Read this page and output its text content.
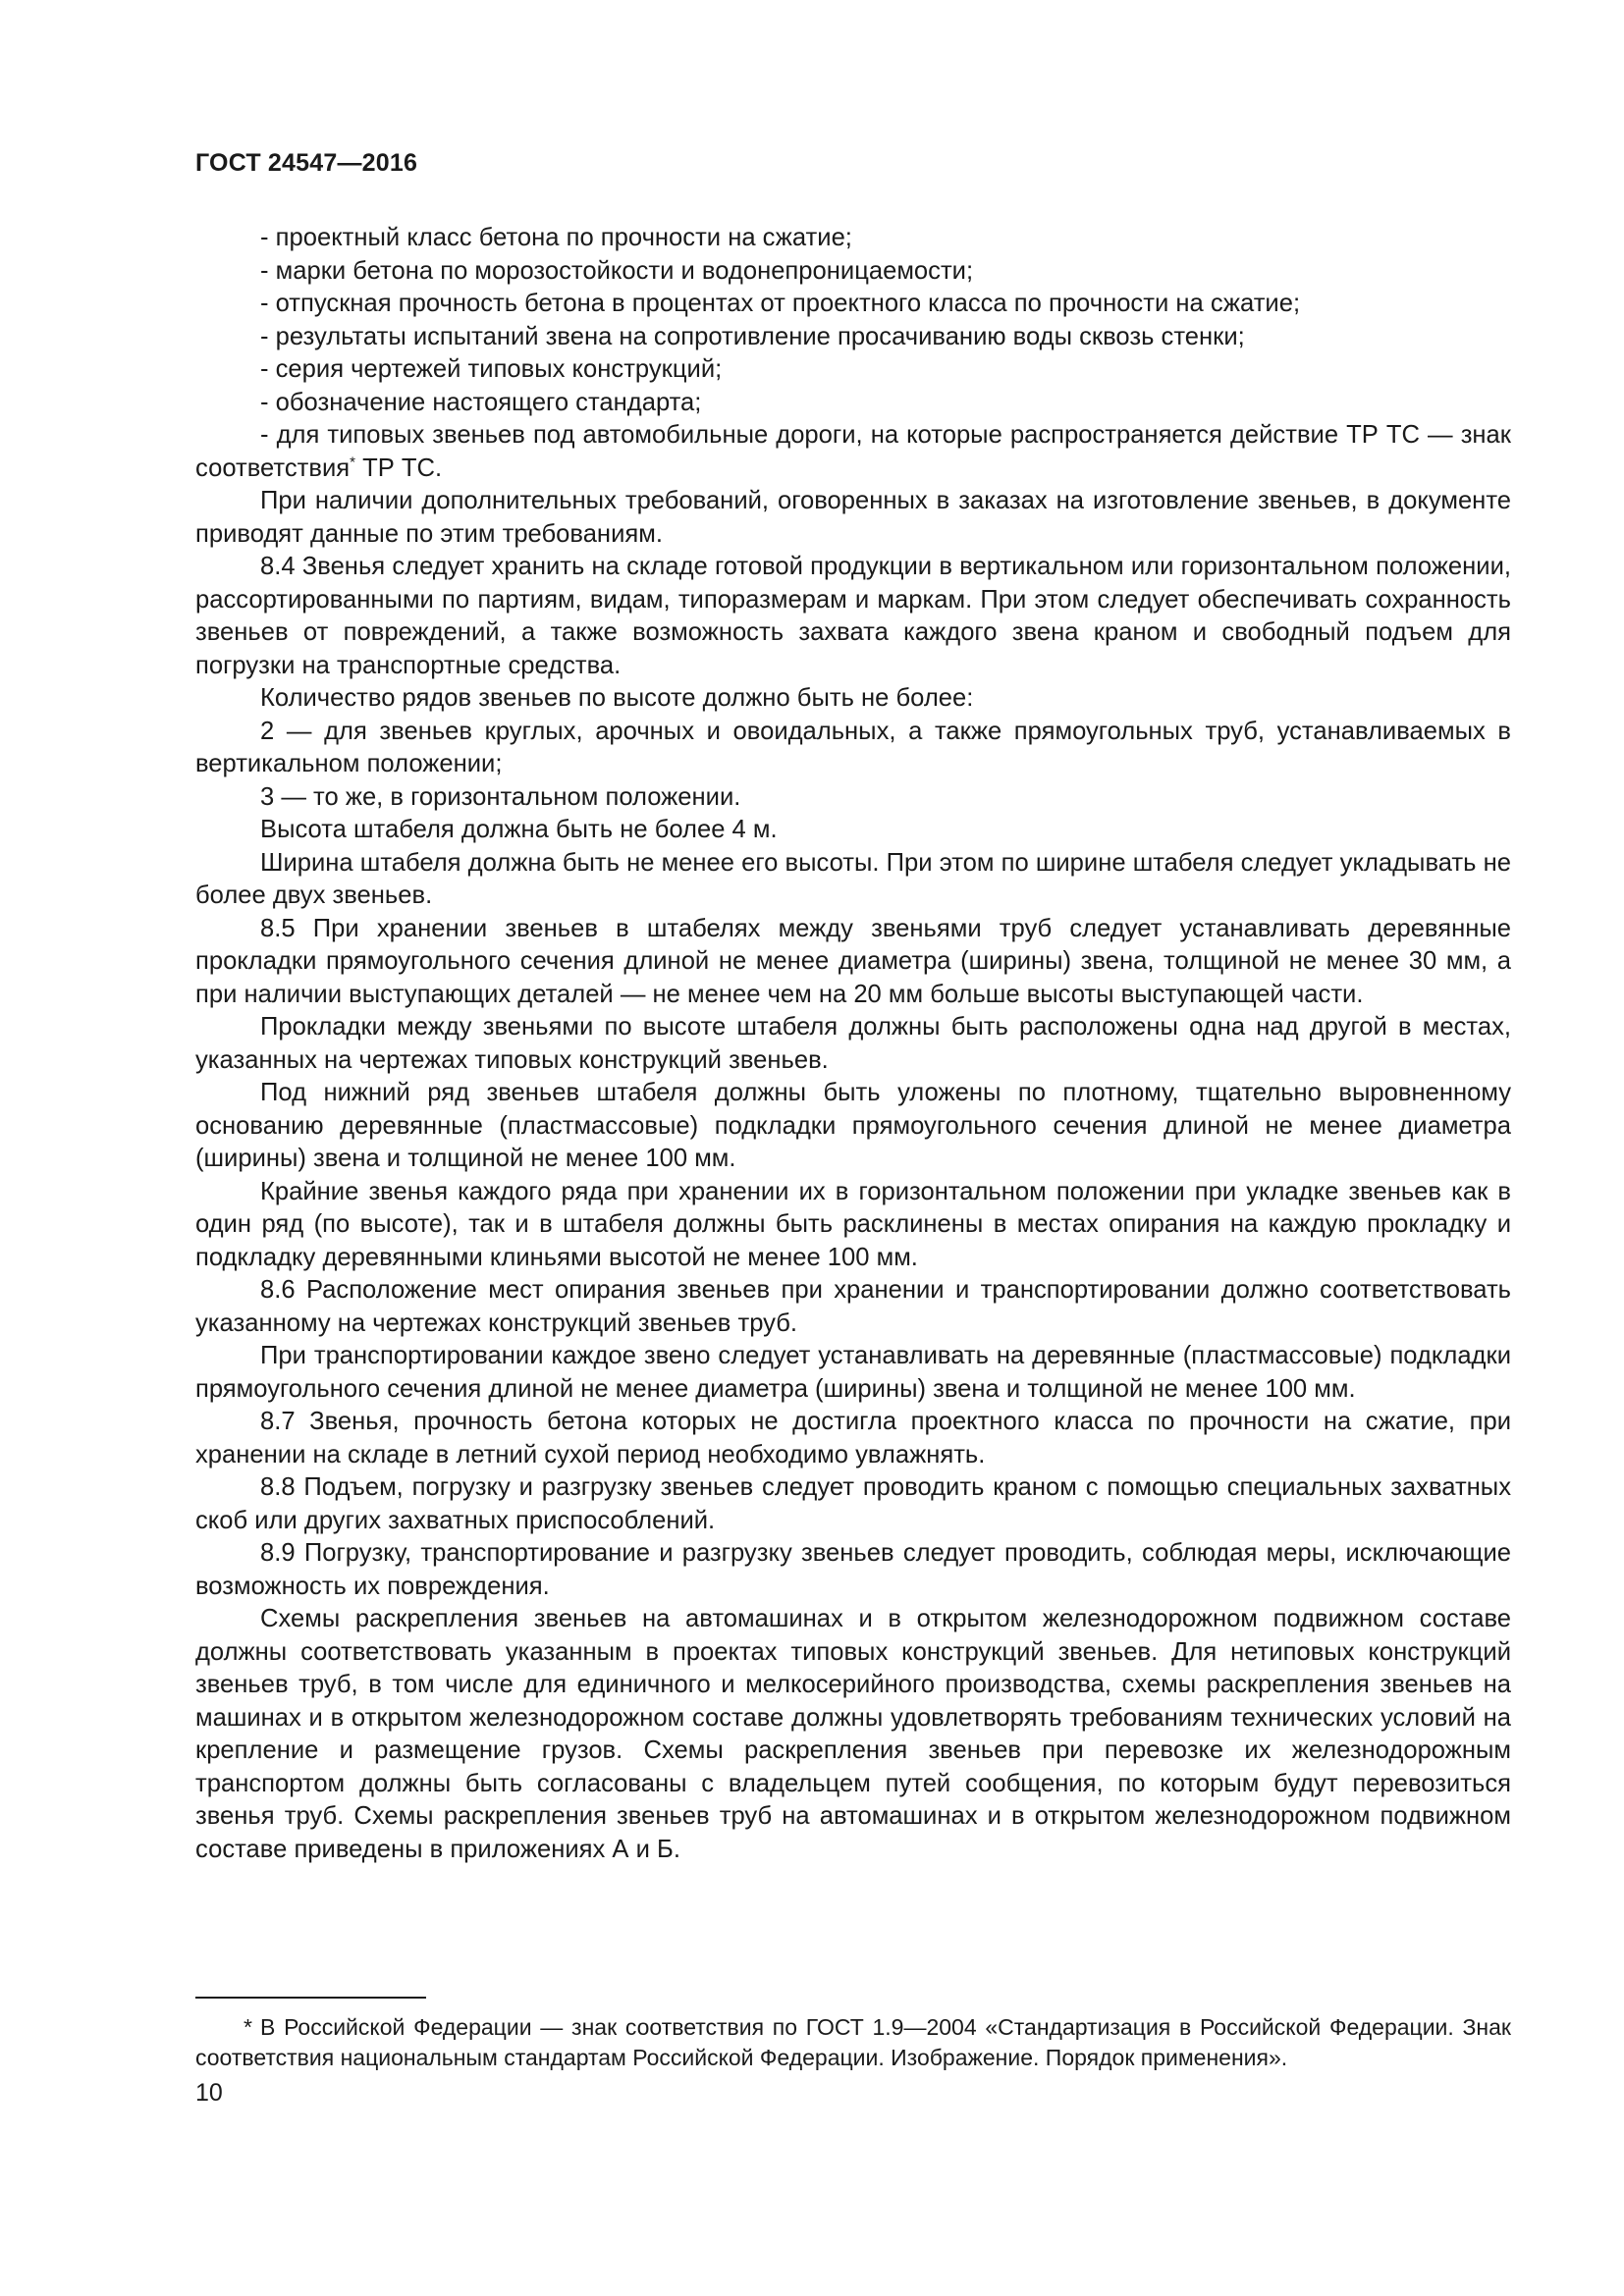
ГОСТ 24547—2016

- проектный класс бетона по прочности на сжатие;

- марки бетона по морозостойкости и водонепроницаемости;

- отпускная прочность бетона в процентах от проектного класса по прочности на сжатие;

- результаты испытаний звена на сопротивление просачиванию воды сквозь стенки;

- серия чертежей типовых конструкций;

- обозначение настоящего стандарта;

- для типовых звеньев под автомобильные дороги, на которые распространяется действие ТР ТС — знак соответствия* ТР ТС.

При наличии дополнительных требований, оговоренных в заказах на изготовление звеньев, в документе приводят данные по этим требованиям.

8.4 Звенья следует хранить на складе готовой продукции в вертикальном или горизонтальном положении, рассортированными по партиям, видам, типоразмерам и маркам. При этом следует обеспечивать сохранность звеньев от повреждений, а также возможность захвата каждого звена краном и свободный подъем для погрузки на транспортные средства.

Количество рядов звеньев по высоте должно быть не более:

2 — для звеньев круглых, арочных и овоидальных, а также прямоугольных труб, устанавливаемых в вертикальном положении;

3 — то же, в горизонтальном положении.

Высота штабеля должна быть не более 4 м.

Ширина штабеля должна быть не менее его высоты. При этом по ширине штабеля следует укладывать не более двух звеньев.

8.5 При хранении звеньев в штабелях между звеньями труб следует устанавливать деревянные прокладки прямоугольного сечения длиной не менее диаметра (ширины) звена, толщиной не менее 30 мм, а при наличии выступающих деталей — не менее чем на 20 мм больше высоты выступающей части.

Прокладки между звеньями по высоте штабеля должны быть расположены одна над другой в местах, указанных на чертежах типовых конструкций звеньев.

Под нижний ряд звеньев штабеля должны быть уложены по плотному, тщательно выровненному основанию деревянные (пластмассовые) подкладки прямоугольного сечения длиной не менее диаметра (ширины) звена и толщиной не менее 100 мм.

Крайние звенья каждого ряда при хранении их в горизонтальном положении при укладке звеньев как в один ряд (по высоте), так и в штабеля должны быть расклинены в местах опирания на каждую прокладку и подкладку деревянными клиньями высотой не менее 100 мм.

8.6 Расположение мест опирания звеньев при хранении и транспортировании должно соответствовать указанному на чертежах конструкций звеньев труб.

При транспортировании каждое звено следует устанавливать на деревянные (пластмассовые) подкладки прямоугольного сечения длиной не менее диаметра (ширины) звена и толщиной не менее 100 мм.

8.7 Звенья, прочность бетона которых не достигла проектного класса по прочности на сжатие, при хранении на складе в летний сухой период необходимо увлажнять.

8.8 Подъем, погрузку и разгрузку звеньев следует проводить краном с помощью специальных захватных скоб или других захватных приспособлений.

8.9 Погрузку, транспортирование и разгрузку звеньев следует проводить, соблюдая меры, исключающие возможность их повреждения.

Схемы раскрепления звеньев на автомашинах и в открытом железнодорожном подвижном составе должны соответствовать указанным в проектах типовых конструкций звеньев. Для нетиповых конструкций звеньев труб, в том числе для единичного и мелкосерийного производства, схемы раскрепления звеньев на машинах и в открытом железнодорожном составе должны удовлетворять требованиям технических условий на крепление и размещение грузов. Схемы раскрепления звеньев при перевозке их железнодорожным транспортом должны быть согласованы с владельцем путей сообщения, по которым будут перевозиться звенья труб. Схемы раскрепления звеньев труб на автомашинах и в открытом железнодорожном подвижном составе приведены в приложениях А и Б.

* В Российской Федерации — знак соответствия по ГОСТ 1.9—2004 «Стандартизация в Российской Федерации. Знак соответствия национальным стандартам Российской Федерации. Изображение. Порядок применения».
10
